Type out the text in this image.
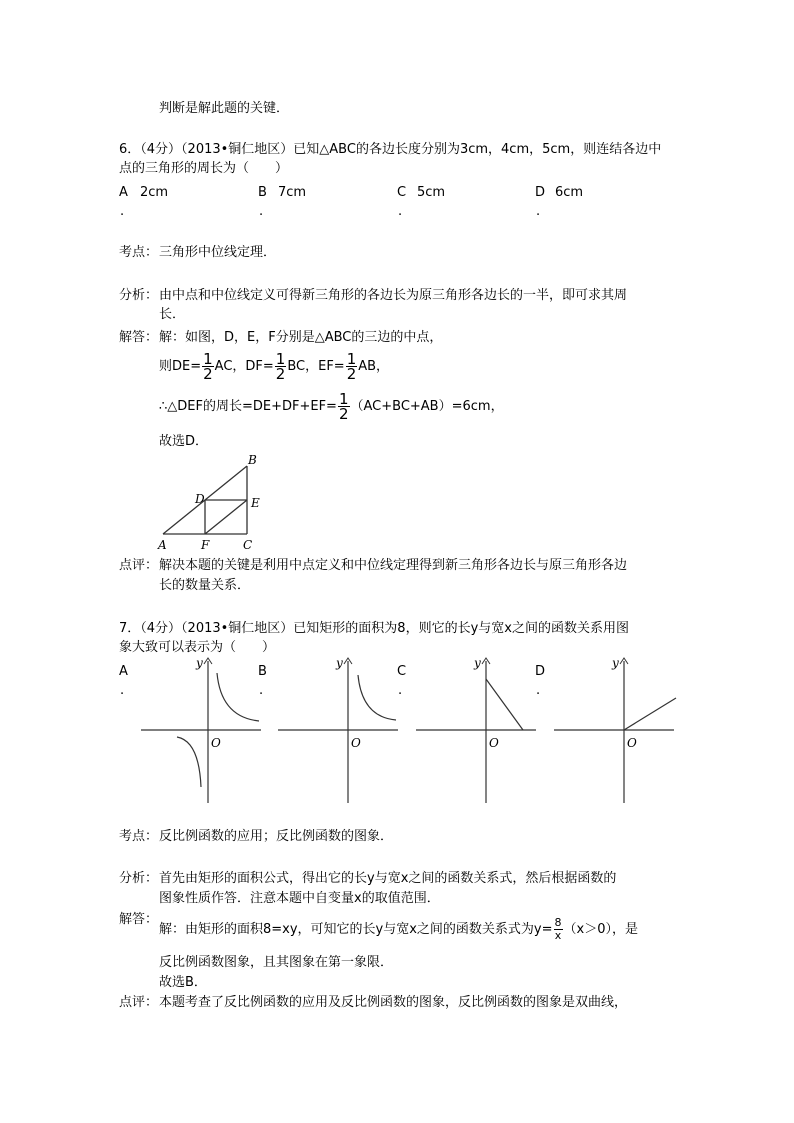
判断是解此题的关键．
6．（4分）（2013•铜仁地区）已知△ABC的各边长度分别为3cm，4cm，5cm，则连结各边中
点的三角形的周长为（　　）
A
.
2cm	B
.
7cm	C
.
5cm	D
.
6cm
考点： 三角形中位线定理．
分析： 由中点和中位线定义可得新三角形的各边长为原三角形各边长的一半，即可求其周
长．
解答： 解：如图，D，E，F分别是△ABC的三边的中点，
则$DE= \frac{1}{2}$ AC，$DF= \frac{1}{2}$ BC，$EF= \frac{1}{2}$ AB，
∴△DEF的周长$=DE+DF+EF= \frac{1}{2} (AC+BC+AB)=6cm$，
故选D．
A
B
C
D	E
F
点评： 解决本题的关键是利用中点定义和中位线定理得到新三角形各边长与原三角形各边
长的数量关系．
7．（4分）（2013•铜仁地区）已知矩形的面积为8，则它的长y与宽x之间的函数关系用图
象大致可以表示为（　　）
A
.
y
O
B
.
y
O
C
.
y
O
D
.
y
O
考点： 反比例函数的应用；反比例函数的图象．
分析： 首先由矩形的面积公式，得出它的长y与宽x之间的函数关系式，然后根据函数的
图象性质作答．注意本题中自变量x的取值范围．
解答：
解：由矩形的面积8=xy，可知它的长y与宽x之间的函数关系式为$y= \frac{8}{x} (x>0)$，是
反比例函数图象，且其图象在第一象限．
故选B．
点评： 本题考查了反比例函数的应用及反比例函数的图象，反比例函数的图象是双曲线，
